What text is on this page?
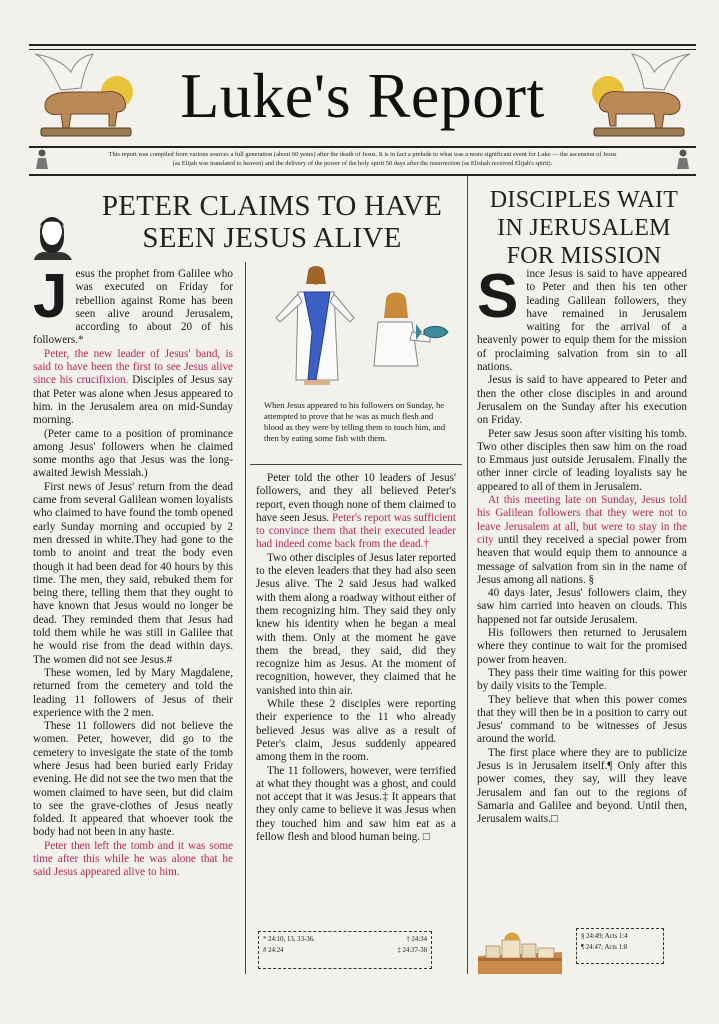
Luke's Report

This report was compiled from various sources a full generation (about 60 years) after the death of Jesus. It is in fact a prelude to what was a more significant event for Luke — the ascension of Jesus
(as Elijah was translated to heaven) and the delivery of the power of the holy spirit 50 days after the resurrection (as Elishah received Elijah's spirit).

PETER CLAIMS TO HAVE SEEN JESUS ALIVE
DISCIPLES WAIT IN JERUSALEM FOR MISSION
J esus the prophet from Galilee who was executed on Friday for rebellion against Rome has been seen alive around Jerusalem, according to about 20 of his followers.*

Peter, the new leader of Jesus' band, is said to have been the first to see Jesus alive since his crucifixion. Disciples of Jesus say that Peter was alone when Jesus appeared to him. in the Jerusalem area on mid-Sunday morning.

(Peter came to a position of prominance among Jesus' followers when he claimed some months ago that Jesus was the long-awaited Jewish Messiah.)

First news of Jesus' return from the dead came from several Galilean women loyalists who claimed to have found the tomb opened early Sunday morning and occupied by 2 men dressed in white.They had gone to the tomb to anoint and treat the body even though it had been dead for 40 hours by this time. The men, they said, rebuked them for being there, telling them that they ought to have known that Jesus would no longer be dead. They reminded them that Jesus had told them while he was still in Galilee that he would rise from the dead within days. The women did not see Jesus.#

These women, led by Mary Magdalene, returned from the cemetery and told the leading 11 followers of Jesus of their experience with the 2 men.

These 11 followers did not believe the women. Peter, however, did go to the cemetery to invesigate the state of the tomb where Jesus had been buried early Friday evening. He did not see the two men that the women claimed to have seen, but did claim to see the grave-clothes of Jesus neatly folded. It appeared that whoever took the body had not been in any haste.

Peter then left the tomb and it was some time after this while he was alone that he said Jesus appeared alive to him.

When Jesus appeared to his followers on Sunday, he attempted to prove that he was as much flesh and blood as they were by telling them to touch him, and then by eating some fish with them.

Peter told the other 10 leaders of Jesus' followers, and they all believed Peter's report, even though none of them claimed to have seen Jesus. Peter's report was sufficient to convince them that their executed leader had indeed come back from the dead.†

Two other disciples of Jesus later reported to the eleven leaders that they had also seen Jesus alive. The 2 said Jesus had walked with them along a roadway without either of them recognizing him. They said they only knew his identity when he began a meal with them. Only at the moment he gave them the bread, they said, did they recognize him as Jesus. At the moment of recognition, however, they claimed that he vanished into thin air.

While these 2 disciples were reporting their experience to the 11 who already believed Jesus was alive as a result of Peter's claim, Jesus suddenly appeared among them in the room.

The 11 followers, however, were terrified at what they thought was a ghost, and could not accept that it was Jesus.‡ It appears that they only came to believe it was Jesus when they touched him and saw him eat as a fellow flesh and blood human being. □

* 24:10, 13, 33-36.	† 24:34
# 24:24	‡ 24:37-38
S ince Jesus is said to have appeared to Peter and then his ten other leading Galilean followers, they have remained in Jerusalem waiting for the arrival of a heavenly power to equip them for the mission of proclaiming salvation from sin to all nations.

Jesus is said to have appeared to Peter and then the other close disciples in and around Jerusalem on the Sunday after his execution on Friday.

Peter saw Jesus soon after visiting his tomb. Two other disciples then saw him on the road to Emmaus just outside Jerusalem. Finally the other inner circle of leading loyalists say he appeared to all of them in Jerusalem.

At this meeting late on Sunday, Jesus told his Galilean followers that they were not to leave Jerusalem at all, but were to stay in the city until they received a special power from heaven that would equip them to announce a message of salvation from sin in the name of Jesus among all nations. §

40 days later, Jesus' followers claim, they saw him carried into heaven on clouds. This happened not far outside Jerusalem.

His followers then returned to Jerusalem where they continue to wait for the promised power from heaven.

They pass their time waiting for this power by daily visits to the Temple.

They believe that when this power comes that they will then be in a position to carry out Jesus' command to be witnesses of Jesus around the world.

The first place where they are to publicize Jesus is in Jerusalem itself.¶ Only after this power comes, they say, will they leave Jerusalem and fan out to the regions of Samaria and Galilee and beyond. Until then, Jerusalem waits.□

§ 24:49; Acts 1:4
¶ 24:47; Acts 1:8
